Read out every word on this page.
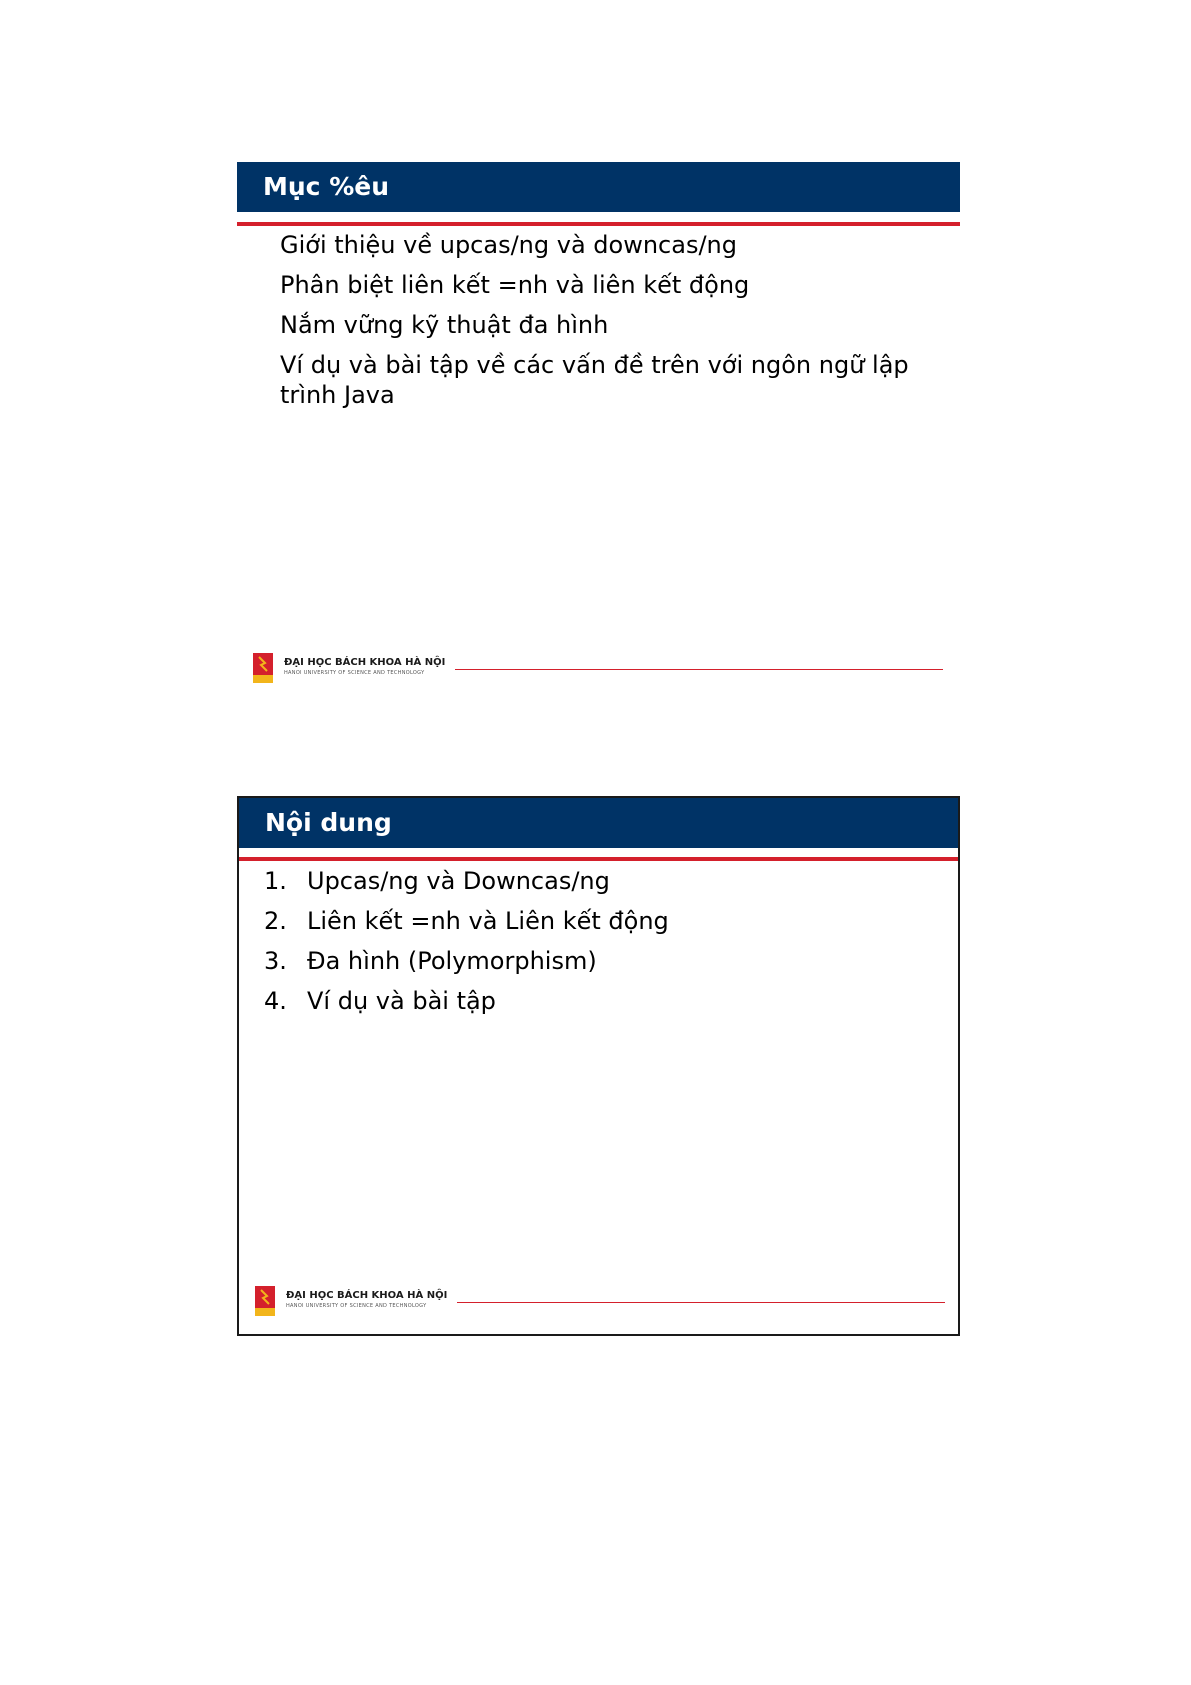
Mục %êu
Giới thiệu về upcas/ng và downcas/ng
Phân biệt liên kết =nh và liên kết động
Nắm vững kỹ thuật đa hình
Ví dụ và bài tập về các vấn đề trên với ngôn ngữ lập trình Java
ĐẠI HỌC BÁCH KHOA HÀ NỘI
HANOI UNIVERSITY OF SCIENCE AND TECHNOLOGY
Nội dung
1. Upcas/ng và Downcas/ng
2. Liên kết =nh và Liên kết động
3. Đa hình (Polymorphism)
4. Ví dụ và bài tập
ĐẠI HỌC BÁCH KHOA HÀ NỘI
HANOI UNIVERSITY OF SCIENCE AND TECHNOLOGY
